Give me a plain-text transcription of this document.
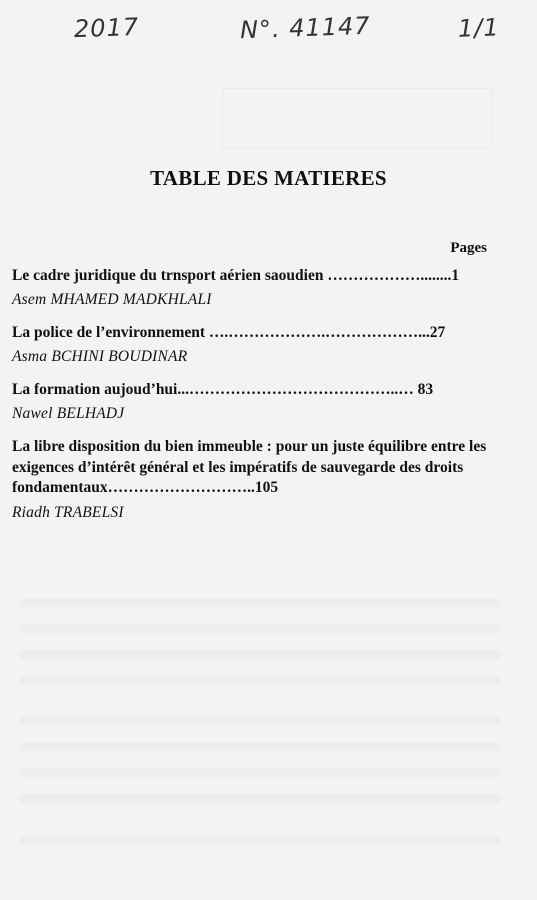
2017	N°. 41147	1/1
TABLE DES MATIERES
Pages
Le cadre juridique du trnsport aérien saoudien ………………........1
Asem MHAMED MADKHLALI
La police de l’environnement ….……………….………………...27
Asma BCHINI BOUDINAR
La formation aujoud’hui...…………………………………..… 83
Nawel BELHADJ
La libre disposition du bien immeuble : pour un juste équilibre entre les exigences d’intérêt général et les impératifs de sauvegarde des droits fondamentaux………………………..105
Riadh TRABELSI
